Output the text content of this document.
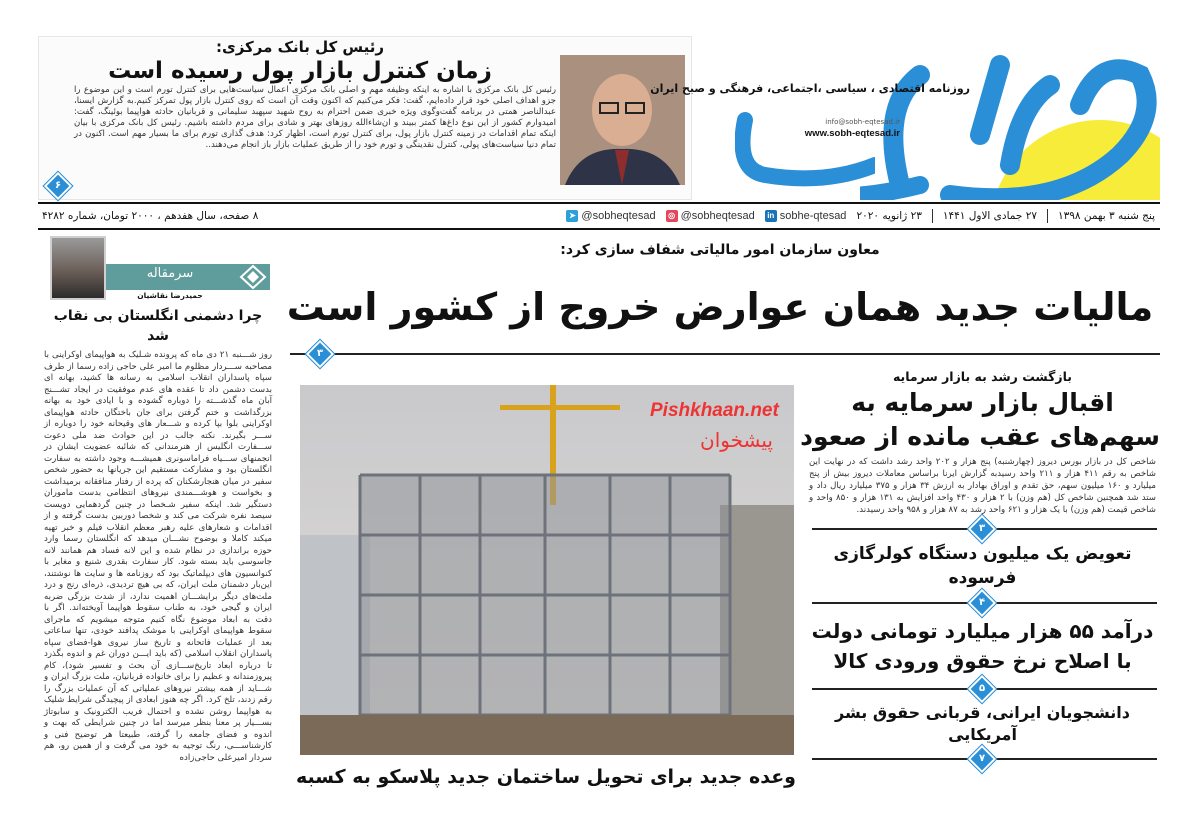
رئیس کل بانک مرکزی:
زمان کنترل بازار پول رسیده است
رئیس کل بانک مرکزی با اشاره به اینکه وظیفه مهم و اصلی بانک مرکزی اعمال سیاست‌هایی برای کنترل تورم است و این موضوع را جزو اهداف اصلی خود قرار داده‌ایم، گفت: فکر می‌کنیم که اکنون وقت آن است که روی کنترل بازار پول تمرکز کنیم.به گزارش ایسنا، عبدالناصر همتی در برنامه گفت‌وگوی ویژه خبری ضمن احترام به روح شهید سپهبد سلیمانی و قربانیان حادثه هواپیما بوئینگ، گفت: امیدوارم کشور از این نوع داغ‌ها کمتر ببیند و ان‌شاءالله روزهای بهتر و شادی برای مردم داشته باشیم. رئیس کل بانک مرکزی با بیان اینکه تمام اقدامات در زمینه کنترل بازار پول، برای کنترل تورم است، اظهار کرد: هدف گذاری تورم برای ما بسیار مهم است. اکنون در تمام دنیا سیاست‌های پولی، کنترل نقدینگی و تورم خود را از طریق عملیات بازار باز انجام می‌دهند..
۶
روزنامه اقتصادی ، سیاسی ،اجتماعی، فرهنگی و صبح ایران
info@sobh-eqtesad.ir
www.sobh-eqtesad.ir
پنج شنبه ۳ بهمن ۱۳۹۸
۲۷ جمادی الاول ۱۴۴۱
۲۳ ژانویه ۲۰۲۰
in sobhe-qtesad
◎ @sobheqtesad
➤ @sobheqtesad
۸ صفحه، سال هفدهم ، ۲۰۰۰ تومان، شماره ۴۲۸۲
سرمقاله
حمیدرضا نقاشیان
چرا دشمنی انگلستان بی نقاب شد
روز شـــنبه ۲۱ دی ماه که پرونده شـلیک به هواپیمای اوکراینی با مصاحبه ســـردار مظلوم ما امیر علی حاجی زاده رسما از طرف سپاه پاسداران انقلاب اسلامی به رسانه ها کشید، بهانه ای بدست دشمن داد تا عقده های عدم موفقیت در ایجاد تشـــنج آبان ماه گذشـــته را دوباره گشوده و با ایادی خود به بهانه بزرگداشت و ختم گرفتن برای جان باختگان حادثه هواپیمای اوکراینی بلوا بپا کرده و شـــعار های وقیحانه خود را دوباره از ســـر بگیرند. نکته جالب در این حوادث ضد ملی دعوت ســـفارت انگلیس از هنرمندانی که شائبه عضویت ایشان در انجمنهای ســـیاه فراماسونری همیشـــه وجود داشته به سفارت انگلستان بود و مشارکت مستقیم این جریانها به حضور شخص سفیر در میان هنجارشکنان که پرده از رفتار منافقانه برمیداشت و بخواست و هوشـــمندی نیروهای انتظامی بدست ماموران دستگیر شد. اینکه سفیر شـخصا در چنین گردهمایی دویست سیصد نفره شرکت می کند و شخصا دوربین بدست گرفته و از اقدامات و شعارهای علیه رهبر معظم انقلاب فیلم و خبر تهیه میکند کاملا و بوضوح نشـــان میدهد که انگلستان رسما وارد حوزه براندازی در نظام شده و این لانه فساد هم همانند لانه جاسوسی باید بسته شود. کار سفارت بقدری شنیع و مغایر با کنوانسیون های دیپلماتیک بود که روزنامه ها و سایت ها نوشتند، این‌بار دشمنان ملت ایران، که بی هیچ تردیدی، ذره‌ای رنج و درد ملت‌های دیگر برایشـــان اهمیت ندارد، از شدت بزرگی ضربه ایران و گیجی خود، به طناب سقوط هواپیما آویخته‌اند. اگر با دقت به ابعاد موضوع نگاه کنیم متوجه میشویم که ماجرای سقوط هواپیمای اوکراینی با موشک پدافند خودی، تنها ساعاتی بعد از عملیات فاتحانه و تاریخ ساز نیروی هوا-فضای سپاه پاسداران انقلاب اسلامی (که باید ایـــن دوران غم و اندوه بگذرد تا درباره ابعاد تاریخ‌ســـازی آن بحث و تفسیر شود)، کام پیروزمندانه و عظیم را برای خانواده قربانیان، ملت بزرگ ایران و شـــاید از همه بیشتر نیروهای عملیاتی که آن عملیات بزرگ را رقم زدند، تلخ کرد. اگر چه هنوز ابعادی از پیچیدگی شرایط شلیک به هواپیما روشن نشده و احتمال فریب الکترونیک و سابوتاژ بســـیار پر معنا بنظر میرسد اما در چنین شرایطی که بهت و اندوه و فضای جامعه را گرفته، طبیعتا هر توضیح فنی و کارشناســـی، رنگ توجیه به خود می گرفت و از همین رو، هم سردار امیرعلی حاجی‌زاده
معاون سازمان امور مالیاتی شفاف سازی کرد:
مالیات جدید همان عوارض خروج از کشور است
۳
Pishkhaan.net
پیشخوان
وعده جدید برای تحویل ساختمان جدید پلاسکو به کسبه
بازگشت رشد به بازار سرمایه
اقبال بازار سرمایه به
سهم‌های عقب مانده از صعود
شاخص کل در بازار بورس دیروز (چهارشنبه) پنج هزار و ۲۰۲ واحد رشد داشت که در نهایت این شاخص به رقم ۴۱۱ هزار و ۲۱۱ واحد رسیدبه گزارش ایرنا براساس معاملات دیروز بیش از پنج میلیارد و ۱۶۰ میلیون سهم، حق تقدم و اوراق بهادار به ارزش ۳۴ هزار و ۳۷۵ میلیارد ریال داد و ستد شد همچنین شاخص کل (هم وزن) با ۲ هزار و ۴۳۰ واحد افزایش به ۱۳۱ هزار و ۸۵۰ واحد و شاخص قیمت (هم وزن) با یک هزار و ۶۲۱ واحد رشد به ۸۷ هزار و ۹۵۸ واحد رسیدند.
۳
تعویض یک میلیون دستگاه کولرگازی فرسوده
۴
درآمد ۵۵ هزار میلیارد تومانی دولت
با اصلاح نرخ حقوق ورودی کالا
۵
دانشجویان ایرانی، قربانی حقوق بشر آمریکایی
۷
